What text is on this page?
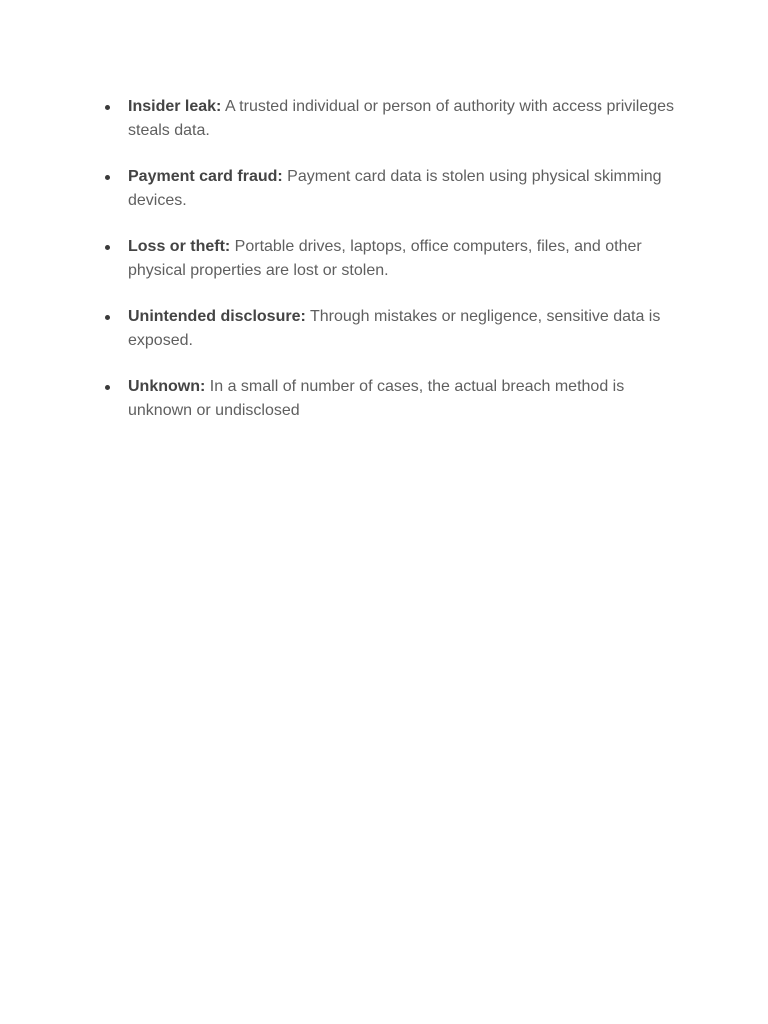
Insider leak: A trusted individual or person of authority with access privileges steals data.
Payment card fraud: Payment card data is stolen using physical skimming devices.
Loss or theft: Portable drives, laptops, office computers, files, and other physical properties are lost or stolen.
Unintended disclosure: Through mistakes or negligence, sensitive data is exposed.
Unknown: In a small of number of cases, the actual breach method is unknown or undisclosed
